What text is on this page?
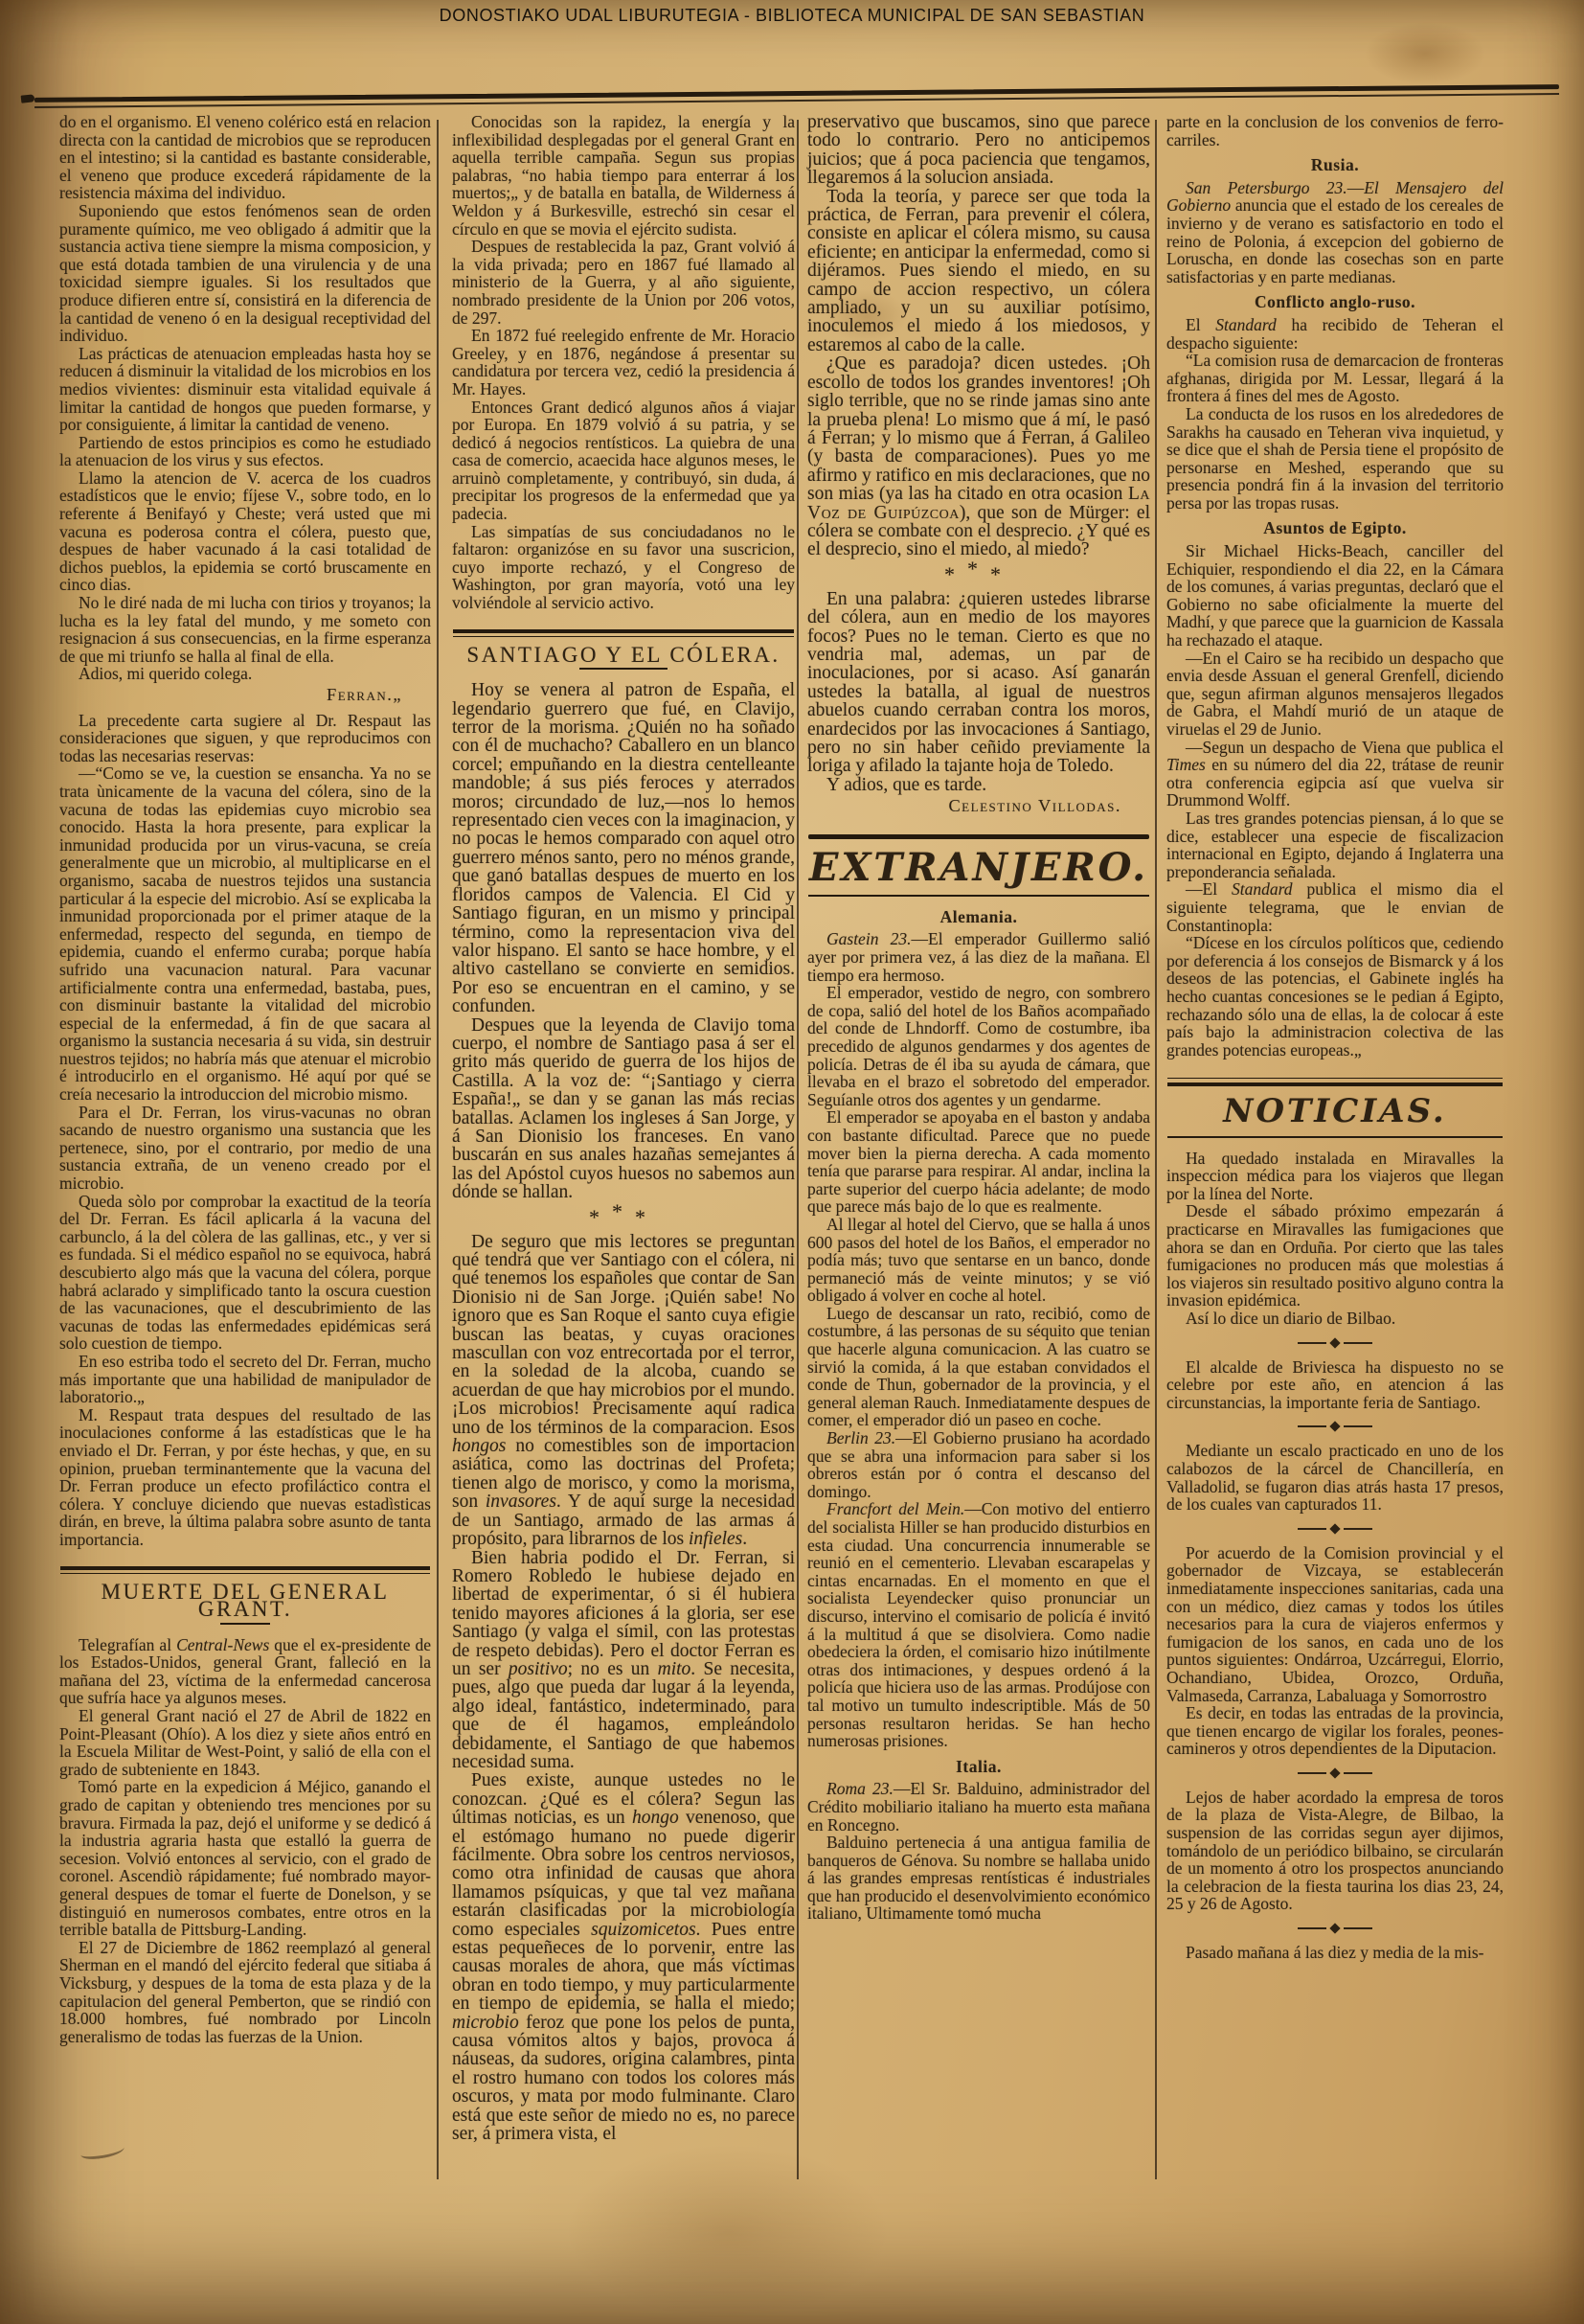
DONOSTIAKO UDAL LIBURUTEGIA - BIBLIOTECA MUNICIPAL DE SAN SEBASTIAN

do en el organismo. El veneno colérico está en relacion directa con la cantidad de microbios que se reproducen en el intestino; si la cantidad es bastante considerable, el veneno que produce excederá rápidamente de la resistencia máxima del individuo.

Suponiendo que estos fenómenos sean de orden puramente químico, me veo obligado á admitir que la sustancia activa tiene siempre la misma composicion, y que está dotada tambien de una virulencia y de una toxicidad siempre iguales. Si los resultados que produce difieren entre sí, consistirá en la diferencia de la cantidad de veneno ó en la desigual receptividad del individuo.

Las prácticas de atenuacion empleadas hasta hoy se reducen á disminuir la vitalidad de los microbios en los medios vivientes: disminuir esta vitalidad equivale á limitar la cantidad de hongos que pueden formarse, y por consiguiente, á limitar la cantidad de veneno.

Partiendo de estos principios es como he estudiado la atenuacion de los virus y sus efectos.

Llamo la atencion de V. acerca de los cuadros estadísticos que le envio; fíjese V., sobre todo, en lo referente á Benifayó y Cheste; verá usted que mi vacuna es poderosa contra el cólera, puesto que, despues de haber vacunado á la casi totalidad de dichos pueblos, la epidemia se cortó bruscamente en cinco dias.

No le diré nada de mi lucha con tirios y troyanos; la lucha es la ley fatal del mundo, y me someto con resignacion á sus consecuencias, en la firme esperanza de que mi triunfo se halla al final de ella.

Adios, mi querido colega.

Ferran.„

La precedente carta sugiere al Dr. Respaut las consideraciones que siguen, y que reproducimos con todas las necesarias reservas:

—“Como se ve, la cuestion se ensancha. Ya no se trata ùnicamente de la vacuna del cólera, sino de la vacuna de todas las epidemias cuyo microbio sea conocido. Hasta la hora presente, para explicar la inmunidad producida por un virus-vacuna, se creía generalmente que un microbio, al multiplicarse en el organismo, sacaba de nuestros tejidos una sustancia particular á la especie del microbio. Así se explicaba la inmunidad proporcionada por el primer ataque de la enfermedad, respecto del segunda, en tiempo de epidemia, cuando el enfermo curaba; porque había sufrido una vacunacion natural. Para vacunar artificialmente contra una enfermedad, bastaba, pues, con disminuir bastante la vitalidad del microbio especial de la enfermedad, á fin de que sacara al organismo la sustancia necesaria á su vida, sin destruir nuestros tejidos; no habría más que atenuar el microbio é introducirlo en el organismo. Hé aquí por qué se creía necesario la introduccion del microbio mismo.

Para el Dr. Ferran, los virus-vacunas no obran sacando de nuestro organismo una sustancia que les pertenece, sino, por el contrario, por medio de una sustancia extraña, de un veneno creado por el microbio.

Queda sòlo por comprobar la exactitud de la teoría del Dr. Ferran. Es fácil aplicarla á la vacuna del carbunclo, á la del còlera de las gallinas, etc., y ver si es fundada. Si el médico español no se equivoca, habrá descubierto algo más que la vacuna del cólera, porque habrá aclarado y simplificado tanto la oscura cuestion de las vacunaciones, que el descubrimiento de las vacunas de todas las enfermedades epidémicas será solo cuestion de tiempo.

En eso estriba todo el secreto del Dr. Ferran, mucho más importante que una habilidad de manipulador de laboratorio.„

M. Respaut trata despues del resultado de las inoculaciones conforme á las estadísticas que le ha enviado el Dr. Ferran, y por éste hechas, y que, en su opinion, prueban terminantemente que la vacuna del Dr. Ferran produce un efecto profiláctico contra el cólera. Y concluye diciendo que nuevas estadìsticas dirán, en breve, la última palabra sobre asunto de tanta importancia.

MUERTE DEL GENERAL GRANT.

Telegrafían al Central-News que el ex-presidente de los Estados-Unidos, general Grant, falleció en la mañana del 23, víctima de la enfermedad cancerosa que sufría hace ya algunos meses.

El general Grant nació el 27 de Abril de 1822 en Point-Pleasant (Ohío). A los diez y siete años entró en la Escuela Militar de West-Point, y salió de ella con el grado de subteniente en 1843.

Tomó parte en la expedicion á Méjico, ganando el grado de capitan y obteniendo tres menciones por su bravura. Firmada la paz, dejó el uniforme y se dedicó á la industria agraria hasta que estalló la guerra de secesion. Volvió entonces al servicio, con el grado de coronel. Ascendiò rápidamente; fué nombrado mayor-general despues de tomar el fuerte de Donelson, y se distinguió en numerosos combates, entre otros en la terrible batalla de Pittsburg-Landing.

El 27 de Diciembre de 1862 reemplazó al general Sherman en el mandó del ejército federal que sitiaba á Vicksburg, y despues de la toma de esta plaza y de la capitulacion del general Pemberton, que se rindió con 18.000 hombres, fué nombrado por Lincoln generalismo de todas las fuerzas de la Union.

Conocidas son la rapidez, la energía y la inflexibilidad desplegadas por el general Grant en aquella terrible campaña. Segun sus propias palabras, “no habia tiempo para enterrar á los muertos;„ y de batalla en batalla, de Wilderness á Weldon y á Burkesville, estrechó sin cesar el círculo en que se movia el ejército sudista.

Despues de restablecida la paz, Grant volvió á la vida privada; pero en 1867 fué llamado al ministerio de la Guerra, y al año siguiente, nombrado presidente de la Union por 206 votos, de 297.

En 1872 fué reelegido enfrente de Mr. Horacio Greeley, y en 1876, negándose á presentar su candidatura por tercera vez, cedió la presidencia á Mr. Hayes.

Entonces Grant dedicó algunos años á viajar por Europa. En 1879 volvió á su patria, y se dedicó á negocios rentísticos. La quiebra de una casa de comercio, acaecida hace algunos meses, le arruinò completamente, y contribuyó, sin duda, á precipitar los progresos de la enfermedad que ya padecia.

Las simpatías de sus conciudadanos no le faltaron: organizóse en su favor una suscricion, cuyo importe rechazó, y el Congreso de Washington, por gran mayoría, votó una ley volviéndole al servicio activo.

SANTIAGO Y EL CÓLERA.

Hoy se venera al patron de España, el legendario guerrero que fué, en Clavijo, terror de la morisma. ¿Quién no ha soñado con él de muchacho? Caballero en un blanco corcel; empuñando en la diestra centelleante mandoble; á sus piés feroces y aterrados moros; circundado de luz,—nos lo hemos representado cien veces con la imaginacion, y no pocas le hemos comparado con aquel otro guerrero ménos santo, pero no ménos grande, que ganó batallas despues de muerto en los floridos campos de Valencia. El Cid y Santiago figuran, en un mismo y principal término, como la representacion viva del valor hispano. El santo se hace hombre, y el altivo castellano se convierte en semidios. Por eso se encuentran en el camino, y se confunden.

Despues que la leyenda de Clavijo toma cuerpo, el nombre de Santiago pasa á ser el grito más querido de guerra de los hijos de Castilla. A la voz de: “¡Santiago y cierra España!„ se dan y se ganan las más recias batallas. Aclamen los ingleses á San Jorge, y á San Dionisio los franceses. En vano buscarán en sus anales hazañas semejantes á las del Apóstol cuyos huesos no sabemos aun dónde se hallan.

***

De seguro que mis lectores se preguntan qué tendrá que ver Santiago con el cólera, ni qué tenemos los españoles que contar de San Dionisio ni de San Jorge. ¡Quién sabe! No ignoro que es San Roque el santo cuya efigie buscan las beatas, y cuyas oraciones mascullan con voz entrecortada por el terror, en la soledad de la alcoba, cuando se acuerdan de que hay microbios por el mundo. ¡Los microbios! Precisamente aquí radica uno de los términos de la comparacion. Esos hongos no comestibles son de importacion asiática, como las doctrinas del Profeta; tienen algo de morisco, y como la morisma, son invasores. Y de aquí surge la necesidad de un Santiago, armado de las armas á propósito, para librarnos de los infieles.

Bien habria podido el Dr. Ferran, si Romero Robledo le hubiese dejado en libertad de experimentar, ó si él hubiera tenido mayores aficiones á la gloria, ser ese Santiago (y valga el símil, con las protestas de respeto debidas). Pero el doctor Ferran es un ser positivo; no es un mito. Se necesita, pues, algo que pueda dar lugar á la leyenda, algo ideal, fantástico, indeterminado, para que de él hagamos, empleándolo debidamente, el Santiago de que habemos necesidad suma.

Pues existe, aunque ustedes no le conozcan. ¿Qué es el cólera? Segun las últimas noticias, es un hongo venenoso, que el estómago humano no puede digerir fácilmente. Obra sobre los centros nerviosos, como otra infinidad de causas que ahora llamamos psíquicas, y que tal vez mañana estarán clasificadas por la microbiología como especiales squizomicetos. Pues entre estas pequeñeces de lo porvenir, entre las causas morales de ahora, que más víctimas obran en todo tiempo, y muy particularmente en tiempo de epidemia, se halla el miedo; microbio feroz que pone los pelos de punta, causa vómitos altos y bajos, provoca á náuseas, da sudores, origina calambres, pinta el rostro humano con todos los colores más oscuros, y mata por modo fulminante. Claro está que este señor de miedo no es, no parece ser, á primera vista, el

preservativo que buscamos, sino que parece todo lo contrario. Pero no anticipemos juicios; que á poca paciencia que tengamos, llegaremos á la solucion ansiada.

Toda la teoría, y parece ser que toda la práctica, de Ferran, para prevenir el cólera, consiste en aplicar el cólera mismo, su causa eficiente; en anticipar la enfermedad, como si dijéramos. Pues siendo el miedo, en su campo de accion respectivo, un cólera ampliado, y un su auxiliar potísimo, inoculemos el miedo á los miedosos, y estaremos al cabo de la calle.

¿Que es paradoja? dicen ustedes. ¡Oh escollo de todos los grandes inventores! ¡Oh siglo terrible, que no se rinde jamas sino ante la prueba plena! Lo mismo que á mí, le pasó á Ferran; y lo mismo que á Ferran, á Galileo (y basta de comparaciones). Pues yo me afirmo y ratifico en mis declaraciones, que no son mias (ya las ha citado en otra ocasion La Voz de Guipúzcoa), que son de Mürger: el cólera se combate con el desprecio. ¿Y qué es el desprecio, sino el miedo, al miedo?

***

En una palabra: ¿quieren ustedes librarse del cólera, aun en medio de los mayores focos? Pues no le teman. Cierto es que no vendria mal, ademas, un par de inoculaciones, por si acaso. Así ganarán ustedes la batalla, al igual de nuestros abuelos cuando cerraban contra los moros, enardecidos por las invocaciones á Santiago, pero no sin haber ceñido previamente la loriga y afilado la tajante hoja de Toledo.

Y adios, que es tarde.

Celestino Villodas.

EXTRANJERO.
Alemania.

Gastein 23.—El emperador Guillermo salió ayer por primera vez, á las diez de la mañana. El tiempo era hermoso.

El emperador, vestido de negro, con sombrero de copa, salió del hotel de los Baños acompañado del conde de Lhndorff. Como de costumbre, iba precedido de algunos gendarmes y dos agentes de policía. Detras de él iba su ayuda de cámara, que llevaba en el brazo el sobretodo del emperador. Seguíanle otros dos agentes y un gendarme.

El emperador se apoyaba en el baston y andaba con bastante dificultad. Parece que no puede mover bien la pierna derecha. A cada momento tenía que pararse para respirar. Al andar, inclina la parte superior del cuerpo hácia adelante; de modo que parece más bajo de lo que es realmente.

Al llegar al hotel del Ciervo, que se halla á unos 600 pasos del hotel de los Baños, el emperador no podía más; tuvo que sentarse en un banco, donde permaneció más de veinte minutos; y se vió obligado á volver en coche al hotel.

Luego de descansar un rato, recibió, como de costumbre, á las personas de su séquito que tenian que hacerle alguna comunicacion. A las cuatro se sirvió la comida, á la que estaban convidados el conde de Thun, gobernador de la provincia, y el general aleman Rauch. Inmediatamente despues de comer, el emperador dió un paseo en coche.

Berlin 23.—El Gobierno prusiano ha acordado que se abra una informacion para saber si los obreros están por ó contra el descanso del domingo.

Francfort del Mein.—Con motivo del entierro del socialista Hiller se han producido disturbios en esta ciudad. Una concurrencia innumerable se reunió en el cementerio. Llevaban escarapelas y cintas encarnadas. En el momento en que el socialista Leyendecker quiso pronunciar un discurso, intervino el comisario de policía é invitó á la multitud á que se disolviera. Como nadie obedeciera la órden, el comisario hizo inútilmente otras dos intimaciones, y despues ordenó á la policía que hiciera uso de las armas. Prodújose con tal motivo un tumulto indescriptible. Más de 50 personas resultaron heridas. Se han hecho numerosas prisiones.

Italia.

Roma 23.—El Sr. Balduino, administrador del Crédito mobiliario italiano ha muerto esta mañana en Roncegno.

Balduino pertenecia á una antigua familia de banqueros de Génova. Su nombre se hallaba unido á las grandes empresas rentísticas é industriales que han producido el desenvolvimiento económico italiano, Ultimamente tomó mucha

parte en la conclusion de los convenios de ferro-carriles.

Rusia.

San Petersburgo 23.—El Mensajero del Gobierno anuncia que el estado de los cereales de invierno y de verano es satisfactorio en todo el reino de Polonia, á excepcion del gobierno de Loruscha, en donde las cosechas son en parte satisfactorias y en parte medianas.

Conflicto anglo-ruso.

El Standard ha recibido de Teheran el despacho siguiente:

“La comision rusa de demarcacion de fronteras afghanas, dirigida por M. Lessar, llegará á la frontera á fines del mes de Agosto.

La conducta de los rusos en los alrededores de Sarakhs ha causado en Teheran viva inquietud, y se dice que el shah de Persia tiene el propósito de personarse en Meshed, esperando que su presencia pondrá fin á la invasion del territorio persa por las tropas rusas.

Asuntos de Egipto.

Sir Michael Hicks-Beach, canciller del Echiquier, respondiendo el dia 22, en la Cámara de los comunes, á varias preguntas, declaró que el Gobierno no sabe oficialmente la muerte del Madhí, y que parece que la guarnicion de Kassala ha rechazado el ataque.

—En el Cairo se ha recibido un despacho que envia desde Assuan el general Grenfell, diciendo que, segun afirman algunos mensajeros llegados de Gabra, el Mahdí murió de un ataque de viruelas el 29 de Junio.

—Segun un despacho de Viena que publica el Times en su número del dia 22, trátase de reunir otra conferencia egipcia así que vuelva sir Drummond Wolff.

Las tres grandes potencias piensan, á lo que se dice, establecer una especie de fiscalizacion internacional en Egipto, dejando á Inglaterra una preponderancia señalada.

—El Standard publica el mismo dia el siguiente telegrama, que le envian de Constantinopla:

“Dícese en los círculos políticos que, cediendo por deferencia á los consejos de Bismarck y á los deseos de las potencias, el Gabinete inglés ha hecho cuantas concesiones se le pedian á Egipto, rechazando sólo una de ellas, la de colocar á este país bajo la administracion colectiva de las grandes potencias europeas.„

NOTICIAS.

Ha quedado instalada en Miravalles la inspeccion médica para los viajeros que llegan por la línea del Norte.

Desde el sábado próximo empezarán á practicarse en Miravalles las fumigaciones que ahora se dan en Orduña. Por cierto que las tales fumigaciones no producen más que molestias á los viajeros sin resultado positivo alguno contra la invasion epidémica.

Así lo dice un diario de Bilbao.

El alcalde de Briviesca ha dispuesto no se celebre por este año, en atencion á las circunstancias, la importante feria de Santiago.

Mediante un escalo practicado en uno de los calabozos de la cárcel de Chancillería, en Valladolid, se fugaron dias atrás hasta 17 presos, de los cuales van capturados 11.

Por acuerdo de la Comision provincial y el gobernador de Vizcaya, se establecerán inmediatamente inspecciones sanitarias, cada una con un médico, diez camas y todos los útiles necesarios para la cura de viajeros enfermos y fumigacion de los sanos, en cada uno de los puntos siguientes: Ondárroa, Uzcárregui, Elorrio, Ochandiano, Ubidea, Orozco, Orduña, Valmaseda, Carranza, Labaluaga y Somorrostro

Es decir, en todas las entradas de la provincia, que tienen encargo de vigilar los forales, peones-camineros y otros dependientes de la Diputacion.

Lejos de haber acordado la empresa de toros de la plaza de Vista-Alegre, de Bilbao, la suspension de las corridas segun ayer dijimos, tomándolo de un periódico bilbaino, se circularán de un momento á otro los prospectos anunciando la celebracion de la fiesta taurina los dias 23, 24, 25 y 26 de Agosto.

Pasado mañana á las diez y media de la mis-
